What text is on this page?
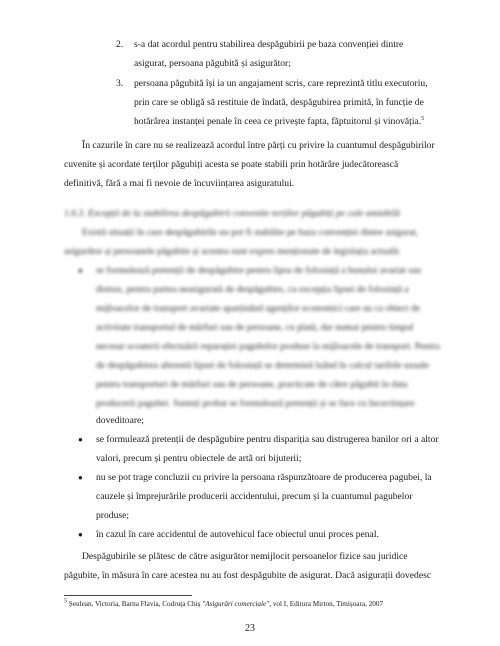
2. s-a dat acordul pentru stabilirea despăgubirii pe baza convenției dintre
asigurat, persoana păgubită și asigurător;
3. persoana păgubită își ia un angajament scris, care reprezintă titlu executoriu,
prin care se obligă să restituie de îndată, despăgubirea primită, în funcție de
hotărârea instanței penale în ceea ce privește fapta, făptuitorul și vinovăția.$^5$
În cazurile în care nu se realizează acordul între părți cu privire la cuantumul despăgubirilor
cuvenite și acordate terților păgubiți acesta se poate stabili prin hotărâre judecătorească
definitivă, fără a mai fi nevoie de încuviințarea asiguratului.
1.6.3. Excepții de la stabilirea despăgubirii convenite terților păgubiți pe cale amiabilă
Există situații în care despăgubirile nu pot fi stabilite pe baza convenției dintre asigurat,
asigurător și persoanele păgubite și acestea sunt expres menționate de legislația actuală:
● se formulează pretenții de despăgubire pentru lipsa de folosință a bunului avariat sau
distrus, pentru partea neasigurată de despăgubire, cu excepția lipsei de folosință a
mijloacelor de transport avariate aparținând agenților economici care au ca obiect de
activitate transportul de mărfuri sau de persoane, cu plată, dar numai pentru timpul
necesar scoaterii efectuării reparației pagubelor produse la mijloacele de transport. Pentru
de despăgubirea aferentă lipsei de folosință se determină luând în calcul tarifele uzuale
pentru transporturi de mărfuri sau de persoane, practicate de către păgubit în data
producerii pagubei. Sunteți probat se formulează pretenții și se face cu încuviințare
doveditoare;
● se formulează pretenții de despăgubire pentru dispariția sau distrugerea banilor ori a altor
valori, precum și pentru obiectele de artă ori bijuterii;
● nu se pot trage concluzii cu privire la persoana răspunzătoare de producerea pagubei, la
cauzele și împrejurările producerii accidentului, precum și la cuantumul pagubelor
produse;
● în cazul în care accidentul de autovehicul face obiectul unui proces penal.
Despăgubirile se plătesc de către asigurător nemijlocit persoanelor fizice sau juridice
păgubite, în măsura în care acestea nu au fost despăgubite de asigurat. Dacă asigurații dovedesc
$^5$ Șeulean, Victoria, Barna Flavia, Codruța Chiș "Asigurări comerciale", vol I, Editura Mirton, Timișoara, 2007
23
